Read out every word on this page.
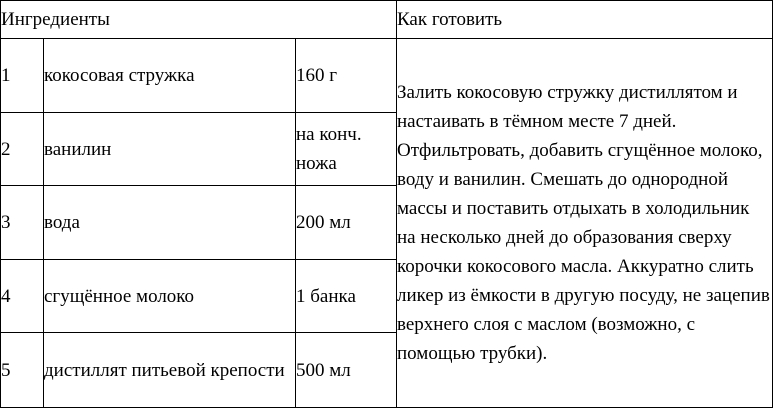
Ингредиенты			Как готовить
1	кокосовая стружка	160 г	Залить кокосовую стружку дистиллятом и настаивать в тёмном месте 7 дней. Отфильтровать, добавить сгущённое молоко, воду и ванилин. Смешать до однородной массы и поставить отдыхать в холодильник на несколько дней до образования сверху корочки кокосового масла. Аккуратно слить ликер из ёмкости в другую посуду, не зацепив верхнего слоя с маслом (возможно, с помощью трубки).
2	ванилин	на конч. ножа	
3	вода	200 мл	
4	сгущённое молоко	1 банка	
5	дистиллят питьевой крепости	500 мл	
